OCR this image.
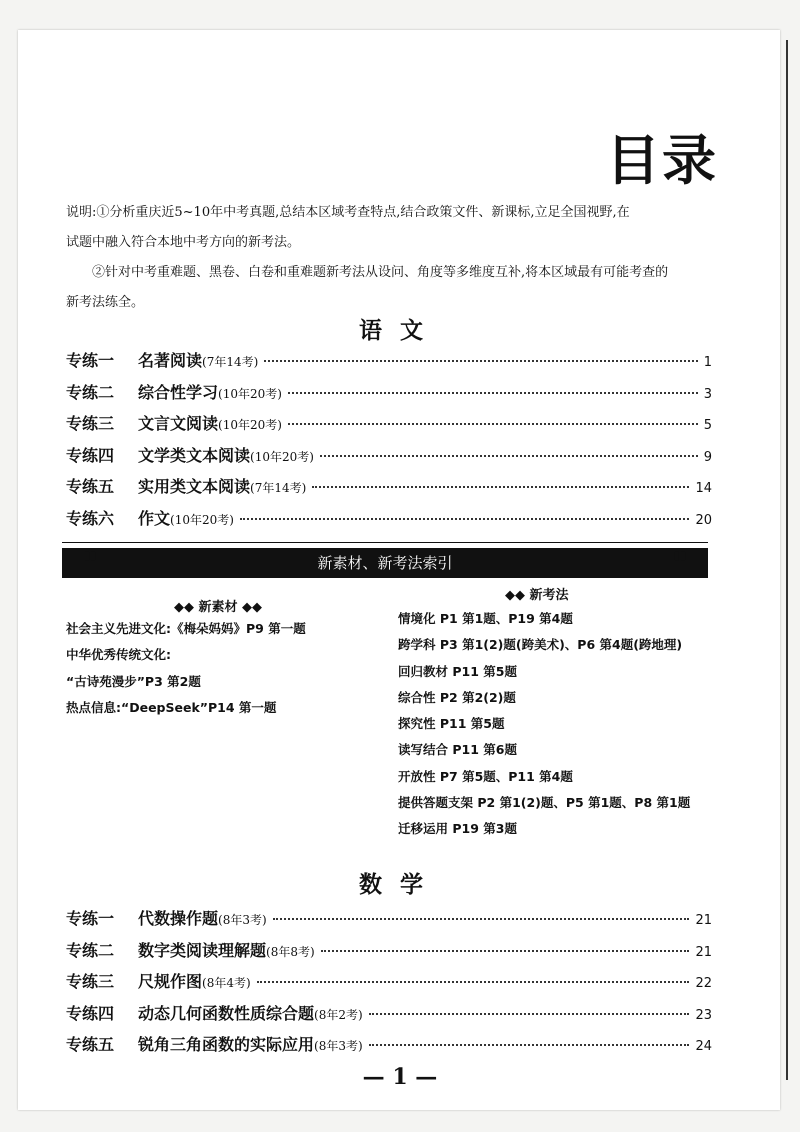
目录

说明:①分析重庆近5~10年中考真题,总结本区域考查特点,结合政策文件、新课标,立足全国视野,在

试题中融入符合本地中考方向的新考法。

②针对中考重难题、黑卷、白卷和重难题新考法从设问、角度等多维度互补,将本区域最有可能考查的

新考法练全。

语文
专练一	名著阅读 (7年14考)	1
专练二	综合性学习 (10年20考)	3
专练三	文言文阅读 (10年20考)	5
专练四	文学类文本阅读 (10年20考)	9
专练五	实用类文本阅读 (7年14考)	14
专练六	作文 (10年20考)	20
新素材、新考法索引
▮▮	▮▮
◆◆ 新素材 ◆◆
社会主义先进文化:《梅朵妈妈》P9 第一题
中华优秀传统文化:
“古诗苑漫步”P3 第2题
热点信息:“DeepSeek”P14 第一题
◆◆ 新考法
情境化 P1 第1题、P19 第4题
跨学科 P3 第1(2)题(跨美术)、P6 第4题(跨地理)
回归教材 P11 第5题
综合性 P2 第2(2)题
探究性 P11 第5题
读写结合 P11 第6题
开放性 P7 第5题、P11 第4题
提供答题支架 P2 第1(2)题、P5 第1题、P8 第1题
迁移运用 P19 第3题
数学
专练一	代数操作题 (8年3考)	21
专练二	数字类阅读理解题 (8年8考)	21
专练三	尺规作图 (8年4考)	22
专练四	动态几何函数性质综合题 (8年2考)	23
专练五	锐角三角函数的实际应用 (8年3考)	24
— 1 —
